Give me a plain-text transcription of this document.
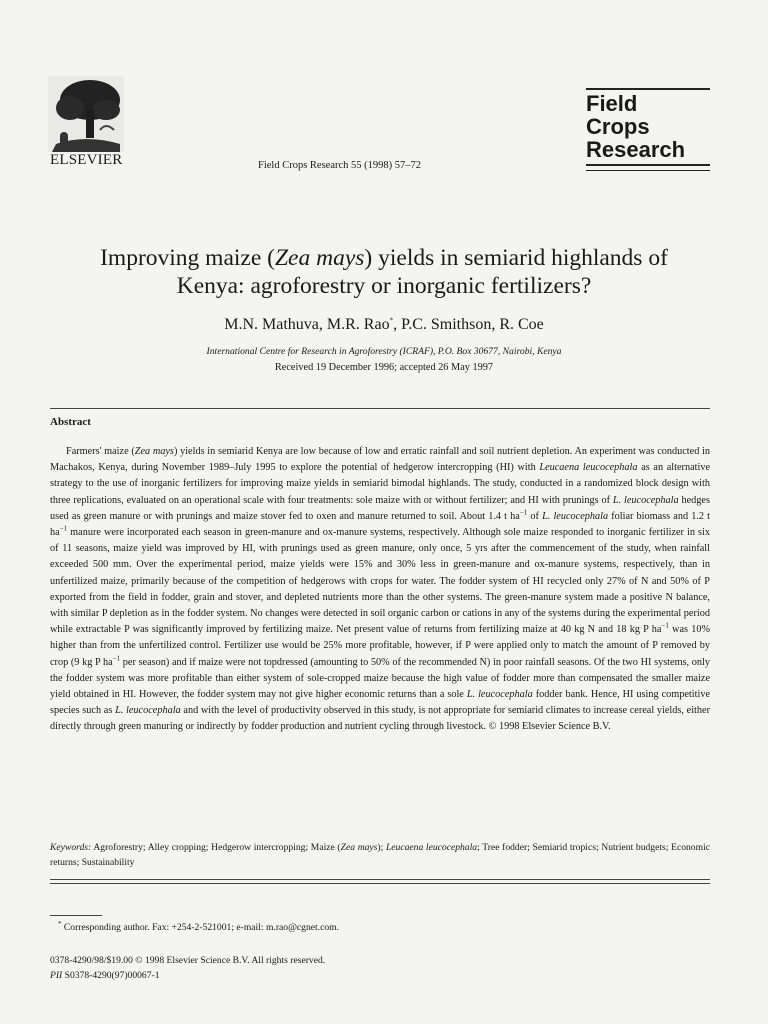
ELSEVIER	Field Crops Research 55 (1998) 57–72
Field
Crops
Research
Improving maize (Zea mays) yields in semiarid highlands of
Kenya: agroforestry or inorganic fertilizers?
M.N. Mathuva, M.R. Rao*, P.C. Smithson, R. Coe
International Centre for Research in Agroforestry (ICRAF), P.O. Box 30677, Nairobi, Kenya
Received 19 December 1996; accepted 26 May 1997
Abstract

Farmers' maize (Zea mays) yields in semiarid Kenya are low because of low and erratic rainfall and soil nutrient depletion. An experiment was conducted in Machakos, Kenya, during November 1989–July 1995 to explore the potential of hedgerow intercropping (HI) with Leucaena leucocephala as an alternative strategy to the use of inorganic fertilizers for improving maize yields in semiarid bimodal highlands. The study, conducted in a randomized block design with three replications, evaluated on an operational scale with four treatments: sole maize with or without fertilizer; and HI with prunings of L. leucocephala hedges used as green manure or with prunings and maize stover fed to oxen and manure returned to soil. About 1.4 t $ha^{-1}$ of L. leucocephala foliar biomass and 1.2 t $ha^{-1}$ manure were incorporated each season in green-manure and ox-manure systems, respectively. Although sole maize responded to inorganic fertilizer in six of 11 seasons, maize yield was improved by HI, with prunings used as green manure, only once, 5 yrs after the commencement of the study, when rainfall exceeded 500 mm. Over the experimental period, maize yields were 15% and 30% less in green-manure and ox-manure systems, respectively, than in unfertilized maize, primarily because of the competition of hedgerows with crops for water. The fodder system of HI recycled only 27% of N and 50% of P exported from the field in fodder, grain and stover, and depleted nutrients more than the other systems. The green-manure system made a positive N balance, with similar P depletion as in the fodder system. No changes were detected in soil organic carbon or cations in any of the systems during the experimental period while extractable P was significantly improved by fertilizing maize. Net present value of returns from fertilizing maize at 40 kg N and 18 kg P $ha^{-1}$ was 10% higher than from the unfertilized control. Fertilizer use would be 25% more profitable, however, if P were applied only to match the amount of P removed by crop (9 kg P $ha^{-1}$ per season) and if maize were not topdressed (amounting to 50% of the recommended N) in poor rainfall seasons. Of the two HI systems, only the fodder system was more profitable than either system of sole-cropped maize because the high value of fodder more than compensated the smaller maize yield obtained in HI. However, the fodder system may not give higher economic returns than a sole L. leucocephala fodder bank. Hence, HI using competitive species such as L. leucocephala and with the level of productivity observed in this study, is not appropriate for semiarid climates to increase cereal yields, either directly through green manuring or indirectly by fodder production and nutrient cycling through livestock. © 1998 Elsevier Science B.V.

Keywords: Agroforestry; Alley cropping; Hedgerow intercropping; Maize (Zea mays); Leucaena leucocephala; Tree fodder; Semiarid tropics; Nutrient budgets; Economic returns; Sustainability

* Corresponding author. Fax: +254-2-521001; e-mail: m.rao@cgnet.com.
0378-4290/98/$19.00 © 1998 Elsevier Science B.V. All rights reserved.
PII S0378-4290(97)00067-1
